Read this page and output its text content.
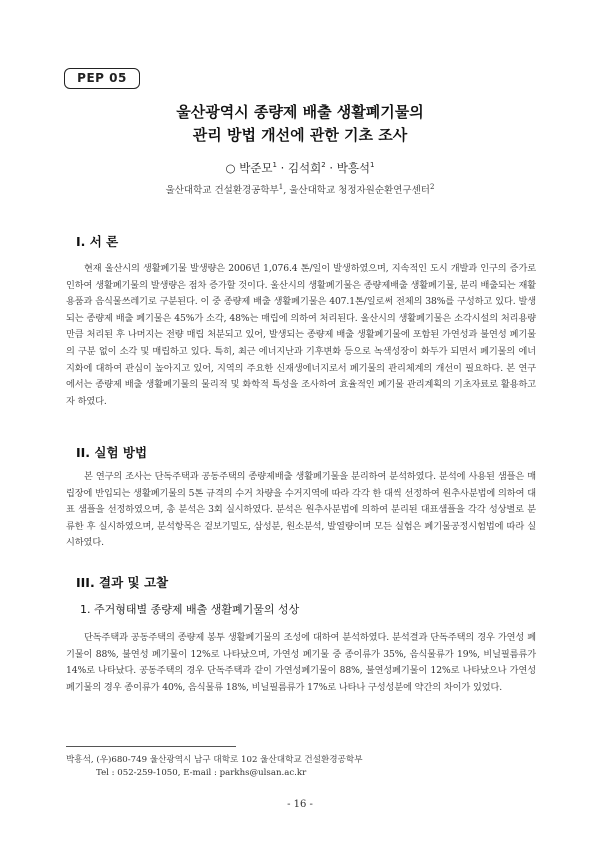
PEP 05
울산광역시 종량제 배출 생활폐기물의
관리 방법 개선에 관한 기초 조사
○ 박준모$^1$ · 김석희$^2$ · 박흥석$^1$
울산대학교 건설환경공학부$^1$, 울산대학교 청정자원순환연구센터$^2$
I. 서 론
현재 울산시의 생활폐기물 발생량은 2006년 1,076.4 톤/일이 발생하였으며, 지속적인 도시 개발과 인구의 증가로 인하여 생활폐기물의 발생량은 점차 증가할 것이다. 울산시의 생활폐기물은 종량제배출 생활폐기물, 분리 배출되는 재활용품과 음식물쓰레기로 구분된다. 이 중 종량제 배출 생활폐기물은 407.1톤/일로써 전체의 38%를 구성하고 있다. 발생되는 종량제 배출 폐기물은 45%가 소각, 48%는 매립에 의하여 처리된다. 울산시의 생활폐기물은 소각시설의 처리용량 만큼 처리된 후 나머지는 전량 매립 처분되고 있어, 발생되는 종량제 배출 생활폐기물에 포함된 가연성과 불연성 폐기물의 구분 없이 소각 및 매립하고 있다. 특히, 최근 에너지난과 기후변화 등으로 녹색성장이 화두가 되면서 폐기물의 에너지화에 대하여 관심이 높아지고 있어, 지역의 주요한 신재생에너지로서 폐기물의 관리체계의 개선이 필요하다. 본 연구에서는 종량제 배출 생활폐기물의 물리적 및 화학적 특성을 조사하여 효율적인 폐기물 관리계획의 기초자료로 활용하고자 하였다.
II. 실험 방법
본 연구의 조사는 단독주택과 공동주택의 종량제배출 생활폐기물을 분리하여 분석하였다. 분석에 사용된 샘플은 매립장에 반입되는 생활폐기물의 5톤 규격의 수거 차량을 수거지역에 따라 각각 한 대씩 선정하여 원추사분법에 의하여 대표 샘플을 선정하였으며, 총 분석은 3회 실시하였다. 분석은 원추사분법에 의하여 분리된 대표샘플을 각각 성상별로 분류한 후 실시하였으며, 분석항목은 겉보기밀도, 삼성분, 원소분석, 발열량이며 모든 실험은 폐기물공정시험법에 따라 실시하였다.
III. 결과 및 고찰
1. 주거형태별 종량제 배출 생활폐기물의 성상
단독주택과 공동주택의 종량제 봉투 생활폐기물의 조성에 대하여 분석하였다. 분석결과 단독주택의 경우 가연성 폐기물이 88%, 불연성 폐기물이 12%로 나타났으며, 가연성 폐기물 중 종이류가 35%, 음식물류가 19%, 비닐필름류가 14%로 나타났다. 공동주택의 경우 단독주택과 같이 가연성폐기물이 88%, 불연성폐기물이 12%로 나타났으나 가연성폐기물의 경우 종이류가 40%, 음식물류 18%, 비닐필름류가 17%로 나타나 구성성분에 약간의 차이가 있었다.
박흥석, (우)680-749 울산광역시 남구 대학로 102 울산대학교 건설환경공학부
Tel : 052-259-1050, E-mail : parkhs@ulsan.ac.kr
- 16 -
